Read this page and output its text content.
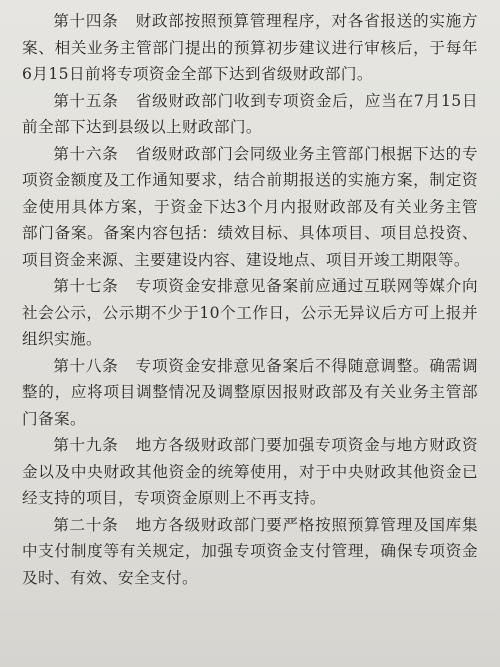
第十四条 财政部按照预算管理程序，对各省报送的实施方案、相关业务主管部门提出的预算初步建议进行审核后，于每年6月15日前将专项资金全部下达到省级财政部门。

第十五条 省级财政部门收到专项资金后，应当在7月15日前全部下达到县级以上财政部门。

第十六条 省级财政部门会同级业务主管部门根据下达的专项资金额度及工作通知要求，结合前期报送的实施方案，制定资金使用具体方案，于资金下达3个月内报财政部及有关业务主管部门备案。备案内容包括：绩效目标、具体项目、项目总投资、项目资金来源、主要建设内容、建设地点、项目开竣工期限等。

第十七条 专项资金安排意见备案前应通过互联网等媒介向社会公示，公示期不少于10个工作日，公示无异议后方可上报并组织实施。

第十八条 专项资金安排意见备案后不得随意调整。确需调整的，应将项目调整情况及调整原因报财政部及有关业务主管部门备案。

第十九条 地方各级财政部门要加强专项资金与地方财政资金以及中央财政其他资金的统筹使用，对于中央财政其他资金已经支持的项目，专项资金原则上不再支持。

第二十条 地方各级财政部门要严格按照预算管理及国库集中支付制度等有关规定，加强专项资金支付管理，确保专项资金及时、有效、安全支付。
